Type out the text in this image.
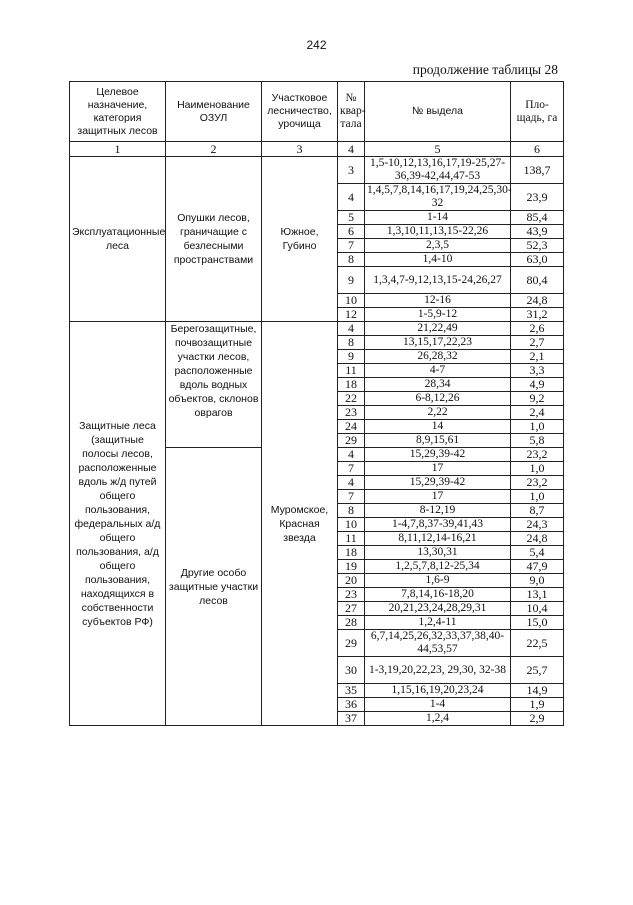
242
продолжение таблицы 28
Целевое назначение, категория защитных лесов	Наименование ОЗУЛ	Участковое лесничество, урочища	№ квар-тала	№ выдела	Пло-щадь, га
1	2	3	4	5	6
Эксплуатационные леса	Опушки лесов, граничащие с безлесными пространствами	Южное, Губино	3	1,5-10,12,13,16,17,19-25,27-36,39-42,44,47-53	138,7
			4	1,4,5,7,8,14,16,17,19,24,25,30-32	23,9
			5	1-14	85,4
			6	1,3,10,11,13,15-22,26	43,9
			7	2,3,5	52,3
			8	1,4-10	63,0
			9	1,3,4,7-9,12,13,15-24,26,27	80,4
			10	12-16	24,8
			12	1-5,9-12	31,2
Защитные леса (защитные полосы лесов, расположенные вдоль ж/д путей общего пользования, федеральных а/д общего пользования, а/д общего пользования, находящихся в собственности субъектов РФ)	Берегозащитные, почвозащитные участки лесов, расположенные вдоль водных объектов, склонов оврагов	Муромское, Красная звезда	4	21,22,49	2,6
			8	13,15,17,22,23	2,7
			9	26,28,32	2,1
			11	4-7	3,3
			18	28,34	4,9
			22	6-8,12,26	9,2
			23	2,22	2,4
			24	14	1,0
			29	8,9,15,61	5,8
	Другие особо защитные участки лесов		4	15,29,39-42	23,2
			7	17	1,0
			4	15,29,39-42	23,2
			7	17	1,0
			8	8-12,19	8,7
			10	1-4,7,8,37-39,41,43	24,3
			11	8,11,12,14-16,21	24,8
			18	13,30,31	5,4
			19	1,2,5,7,8,12-25,34	47,9
			20	1,6-9	9,0
			23	7,8,14,16-18,20	13,1
			27	20,21,23,24,28,29,31	10,4
			28	1,2,4-11	15,0
			29	6,7,14,25,26,32,33,37,38,40-44,53,57	22,5
			30	1-3,19,20,22,23, 29,30, 32-38	25,7
			35	1,15,16,19,20,23,24	14,9
			36	1-4	1,9
			37	1,2,4	2,9
